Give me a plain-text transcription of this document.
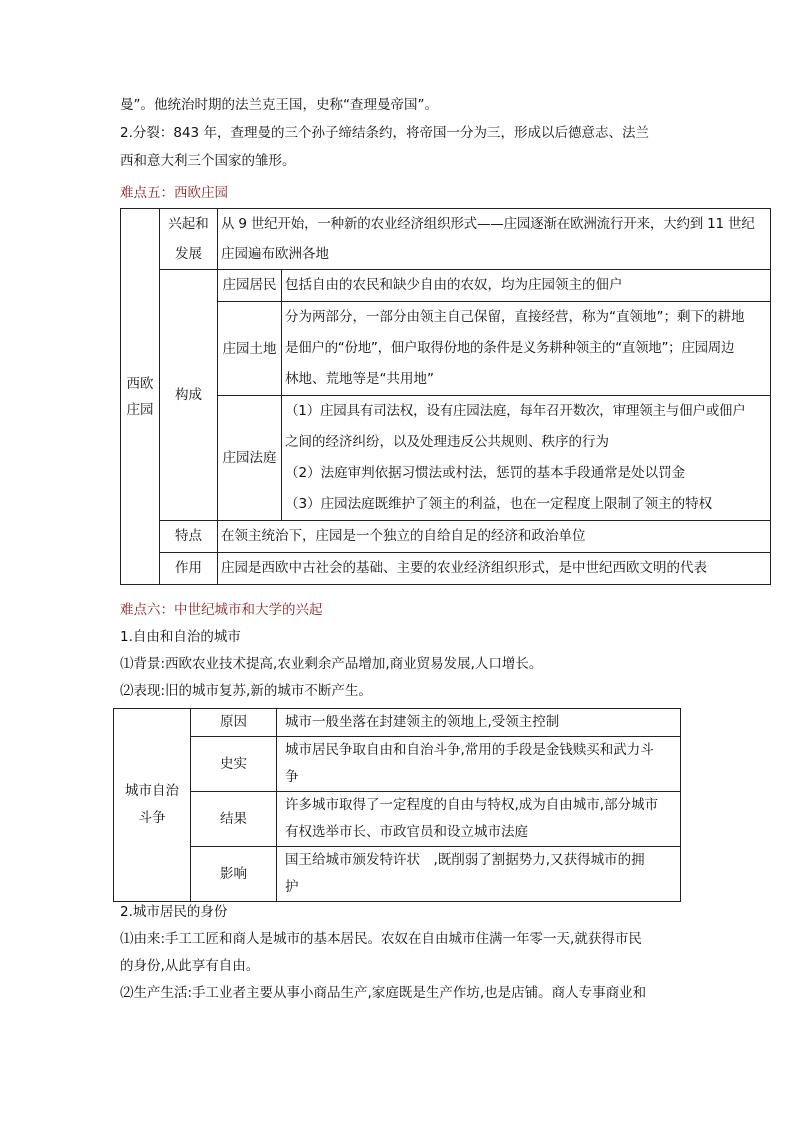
曼”。他统治时期的法兰克王国，史称“查理曼帝国”。
2.分裂：843 年，查理曼的三个孙子缔结条约，将帝国一分为三，形成以后德意志、法兰
西和意大利三个国家的雏形。
难点五：西欧庄园
西欧庄园	兴起和发展	从 9 世纪开始，一种新的农业经济组织形式——庄园逐渐在欧洲流行开来，大约到 11 世纪
庄园遍布欧洲各地	

	构成	庄园居民	包括自由的农民和缺少自由的农奴，均为庄园领主的佃户
		庄园土地	分为两部分，一部分由领主自己保留，直接经营，称为“直领地”；剩下的耕地
是佃户的“份地”，佃户取得份地的条件是义务耕种领主的“直领地”；庄园周边
林地、荒地等是“共用地”

		庄园法庭	（1）庄园具有司法权，设有庄园法庭，每年召开数次，审理领主与佃户或佃户
之间的经济纠纷，以及处理违反公共规则、秩序的行为
（2）法庭审判依据习惯法或村法，惩罚的基本手段通常是处以罚金
（3）庄园法庭既维护了领主的利益，也在一定程度上限制了领主的特权

	特点	在领主统治下，庄园是一个独立的自给自足的经济和政治单位	
	作用	庄园是西欧中古社会的基础、主要的农业经济组织形式，是中世纪西欧文明的代表	
难点六：中世纪城市和大学的兴起
1.自由和自治的城市
⑴背景:西欧农业技术提高,农业剩余产品增加,商业贸易发展,人口增长。
⑵表现:旧的城市复苏,新的城市不断产生。
城市自治
斗争	原因	城市一般坐落在封建领主的领地上,受领主控制
	史实	城市居民争取自由和自治斗争,常用的手段是金钱赎买和武力斗
争

	结果	许多城市取得了一定程度的自由与特权,成为自由城市,部分城市
有权选举市长、市政官员和设立城市法庭

	影响	国王给城市颁发特许状　,既削弱了割据势力,又获得城市的拥
护
2.城市居民的身份
⑴由来:手工工匠和商人是城市的基本居民。农奴在自由城市住满一年零一天,就获得市民
的身份,从此享有自由。
⑵生产生活:手工业者主要从事小商品生产,家庭既是生产作坊,也是店铺。商人专事商业和
